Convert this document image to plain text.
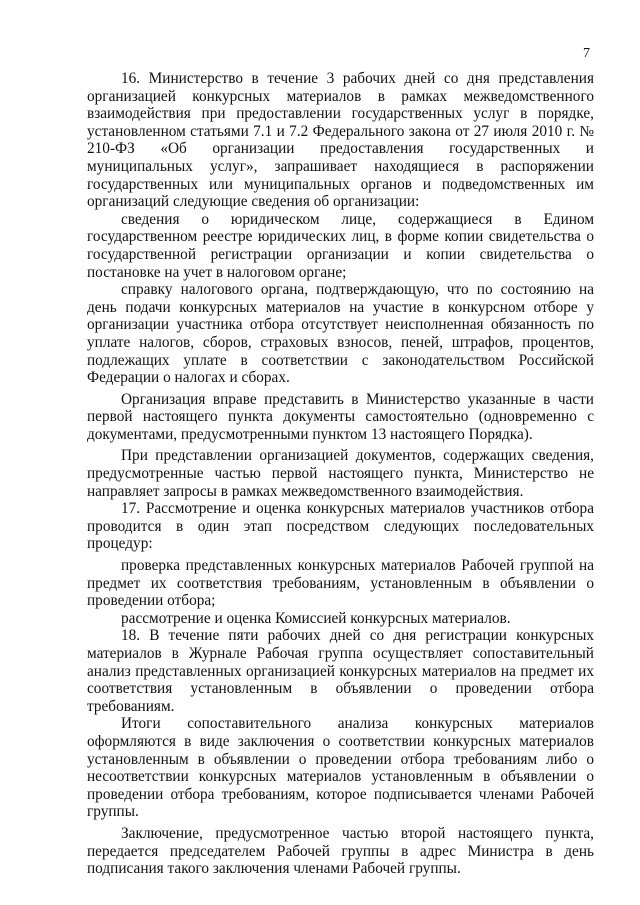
7

16. Министерство в течение 3 рабочих дней со дня представления организацией конкурсных материалов в рамках межведомственного взаимодействия при предоставлении государственных услуг в порядке, установленном статьями 7.1 и 7.2 Федерального закона от 27 июля 2010 г. № 210-ФЗ «Об организации предоставления государственных и муниципальных услуг», запрашивает находящиеся в распоряжении государственных или муниципальных органов и подведомственных им организаций следующие сведения об организации:

сведения о юридическом лице, содержащиеся в Едином государственном реестре юридических лиц, в форме копии свидетельства о государственной регистрации организации и копии свидетельства о постановке на учет в налоговом органе;

справку налогового органа, подтверждающую, что по состоянию на день подачи конкурсных материалов на участие в конкурсном отборе у организации участника отбора отсутствует неисполненная обязанность по уплате налогов, сборов, страховых взносов, пеней, штрафов, процентов, подлежащих уплате в соответствии с законодательством Российской Федерации о налогах и сборах.

Организация вправе представить в Министерство указанные в части первой настоящего пункта документы самостоятельно (одновременно с документами, предусмотренными пунктом 13 настоящего Порядка).

При представлении организацией документов, содержащих сведения, предусмотренные частью первой настоящего пункта, Министерство не направляет запросы в рамках межведомственного взаимодействия.

17. Рассмотрение и оценка конкурсных материалов участников отбора проводится в один этап посредством следующих последовательных процедур:

проверка представленных конкурсных материалов Рабочей группой на предмет их соответствия требованиям, установленным в объявлении о проведении отбора;

рассмотрение и оценка Комиссией конкурсных материалов.

18. В течение пяти рабочих дней со дня регистрации конкурсных материалов в Журнале Рабочая группа осуществляет сопоставительный анализ представленных организацией конкурсных материалов на предмет их соответствия установленным в объявлении о проведении отбора требованиям.

Итоги сопоставительного анализа конкурсных материалов оформляются в виде заключения о соответствии конкурсных материалов установленным в объявлении о проведении отбора требованиям либо о несоответствии конкурсных материалов установленным в объявлении о проведении отбора требованиям, которое подписывается членами Рабочей группы.

Заключение, предусмотренное частью второй настоящего пункта, передается председателем Рабочей группы в адрес Министра в день подписания такого заключения членами Рабочей группы.
